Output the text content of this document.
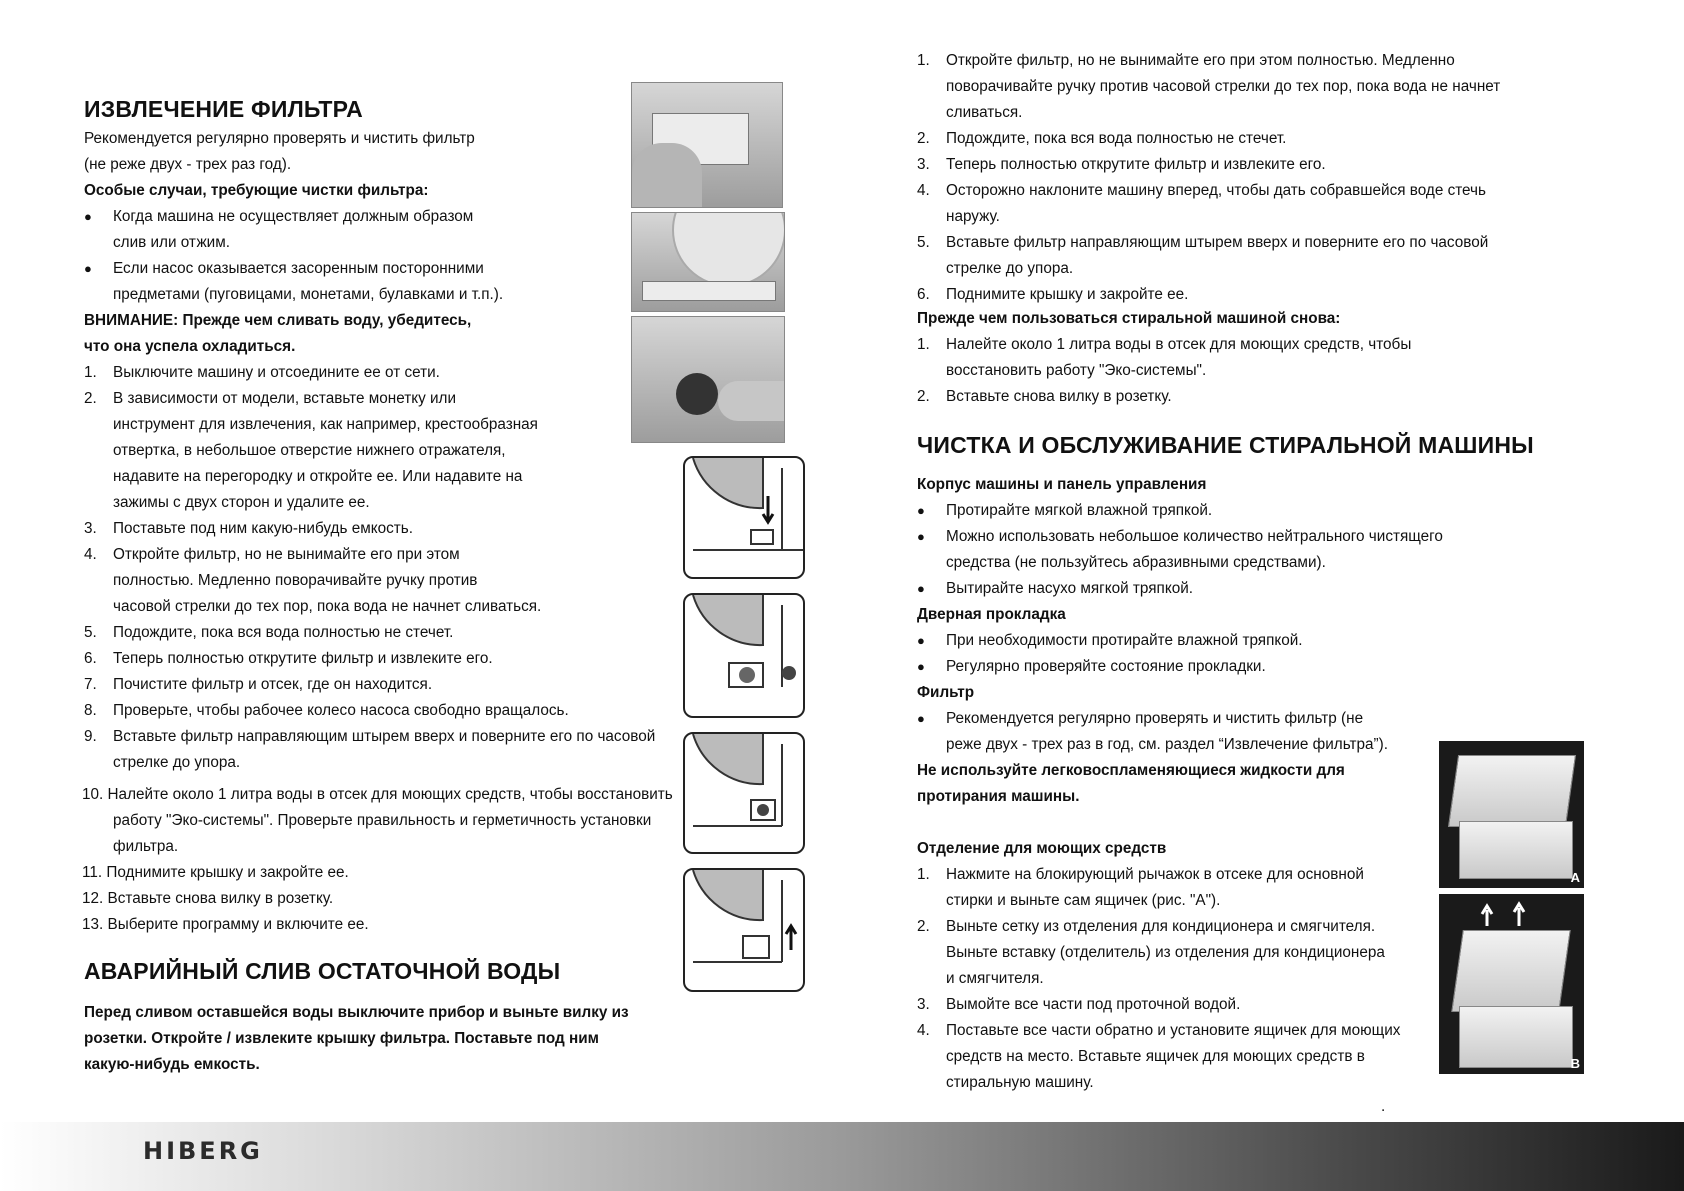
ИЗВЛЕЧЕНИЕ ФИЛЬТРА
Рекомендуется регулярно проверять и чистить фильтр
(не реже двух - трех раз год).
Особые случаи, требующие чистки фильтра:
● Когда машина не осуществляет должным образом
слив или отжим.
● Если насос оказывается засоренным посторонними
предметами (пуговицами, монетами, булавками и т.п.).
ВНИМАНИЕ: Прежде чем сливать воду, убедитесь,
что она успела охладиться.
1. Выключите машину и отсоедините ее от сети.
2. В зависимости от модели, вставьте монетку или
инструмент для извлечения, как например, крестообразная
отвертка, в небольшое отверстие нижнего отражателя,
надавите на перегородку и откройте ее. Или надавите на
зажимы с двух сторон и удалите ее.
3. Поставьте под ним какую-нибудь емкость.
4. Откройте фильтр, но не вынимайте его при этом
полностью. Медленно поворачивайте ручку против
часовой стрелки до тех пор, пока вода не начнет сливаться.
5. Подождите, пока вся вода полностью не стечет.
6. Теперь полностью открутите фильтр и извлеките его.
7. Почистите фильтр и отсек, где он находится.
8. Проверьте, чтобы рабочее колесо насоса свободно вращалось.
9. Вставьте фильтр направляющим штырем вверх и поверните его по часовой
стрелке до упора.
10. Налейте около 1 литра воды в отсек для моющих средств, чтобы восстановить
работу "Эко-системы". Проверьте правильность и герметичность установки
фильтра.
11. Поднимите крышку и закройте ее.
12. Вставьте снова вилку в розетку.
13. Выберите программу и включите ее.
АВАРИЙНЫЙ СЛИВ ОСТАТОЧНОЙ ВОДЫ
Перед сливом оставшейся воды выключите прибор и выньте вилку из
розетки. Откройте / извлеките крышку фильтра. Поставьте под ним
какую-нибудь емкость.
1. Откройте фильтр, но не вынимайте его при этом полностью. Медленно
поворачивайте ручку против часовой стрелки до тех пор, пока вода не начнет
сливаться.
2. Подождите, пока вся вода полностью не стечет.
3. Теперь полностью открутите фильтр и извлеките его.
4. Осторожно наклоните машину вперед, чтобы дать собравшейся воде стечь
наружу.
5. Вставьте фильтр направляющим штырем вверх и поверните его по часовой
стрелке до упора.
6. Поднимите крышку и закройте ее.
Прежде чем пользоваться стиральной машиной снова:
1. Налейте около 1 литра воды в отсек для моющих средств, чтобы
восстановить работу "Эко-системы".
2. Вставьте снова вилку в розетку.
ЧИСТКА И ОБСЛУЖИВАНИЕ СТИРАЛЬНОЙ МАШИНЫ
Корпус машины и панель управления
● Протирайте мягкой влажной тряпкой.
● Можно использовать небольшое количество нейтрального чистящего
средства (не пользуйтесь абразивными средствами).
● Вытирайте насухо мягкой тряпкой.
Дверная прокладка
● При необходимости протирайте влажной тряпкой.
● Регулярно проверяйте состояние прокладки.
Фильтр
● Рекомендуется регулярно проверять и чистить фильтр (не
реже двух - трех раз в год, см. раздел “Извлечение фильтра”).
Не используйте легковоспламеняющиеся жидкости для
протирания машины.
Отделение для моющих средств
1. Нажмите на блокирующий рычажок в отсеке для основной
стирки и выньте сам ящичек (рис. "А").
2. Выньте сетку из отделения для кондиционера и смягчителя.
Выньте вставку (отделитель) из отделения для кондиционера
и смягчителя.
3. Вымойте все части под проточной водой.
4. Поставьте все части обратно и установите ящичек для моющих
средств на место. Вставьте ящичек для моющих средств в
стиральную машину.
.
A
B
HIBERG
